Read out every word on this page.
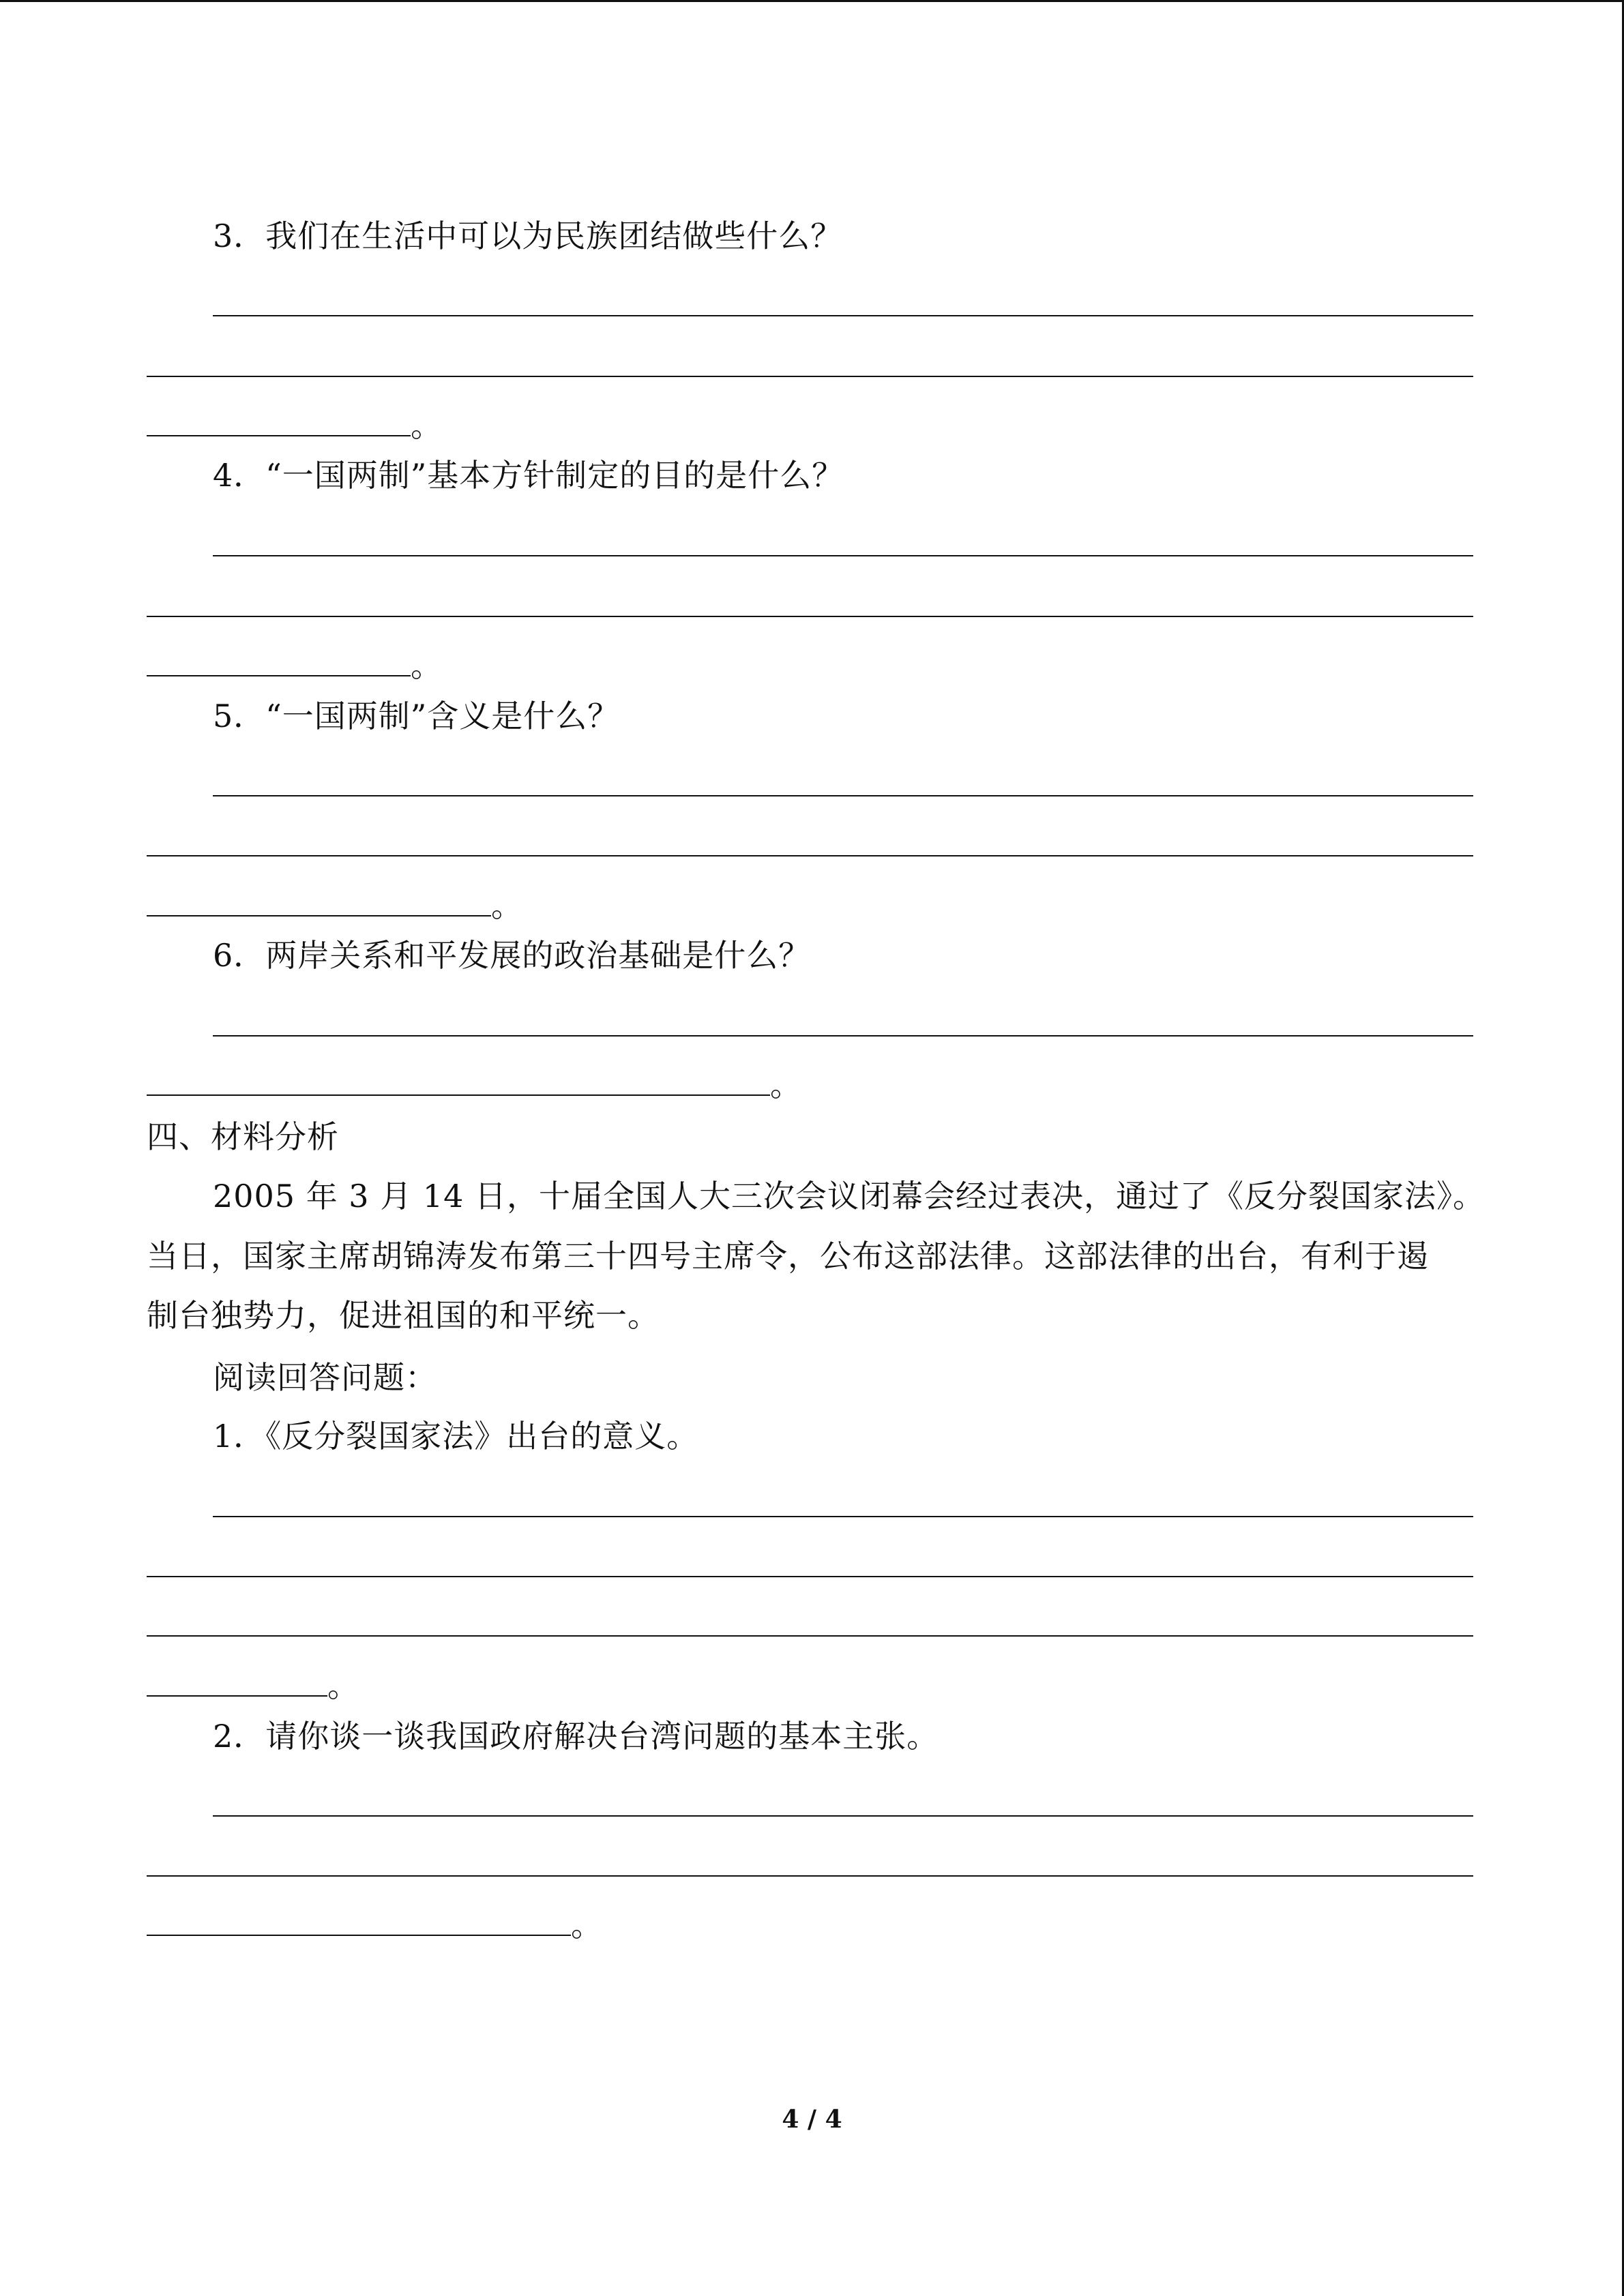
3．我们在生活中可以为民族团结做些什么？
。
4．“一国两制”基本方针制定的目的是什么？
。
5．“一国两制”含义是什么？
。
6．两岸关系和平发展的政治基础是什么？
。
四、材料分析
2005 年 3 月 14 日，十届全国人大三次会议闭幕会经过表决，通过了《反分裂国家法》。
当日，国家主席胡锦涛发布第三十四号主席令，公布这部法律。这部法律的出台，有利于遏
制台独势力，促进祖国的和平统一。
阅读回答问题：
1．《反分裂国家法》出台的意义。
。
2．请你谈一谈我国政府解决台湾问题的基本主张。
。
4 / 4
